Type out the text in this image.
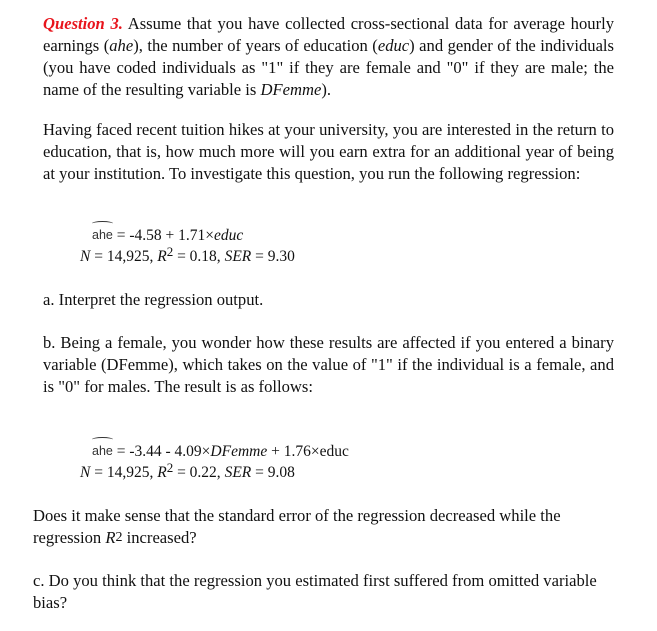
Question 3. Assume that you have collected cross-sectional data for average hourly earnings (ahe), the number of years of education (educ) and gender of the individuals (you have coded individuals as "1" if they are female and "0" if they are male; the name of the resulting variable is DFemme).
Having faced recent tuition hikes at your university, you are interested in the return to education, that is, how much more will you earn extra for an additional year of being at your institution. To investigate this question, you run the following regression:
ahe = -4.58 + 1.71×educ
N = 14,925, $R^2 = 0.18$, SER = 9.30
a. Interpret the regression output.
b. Being a female, you wonder how these results are affected if you entered a binary variable (DFemme), which takes on the value of "1" if the individual is a female, and is "0" for males. The result is as follows:
ahe = -3.44 - 4.09×DFemme + 1.76×educ
N = 14,925, $R^2 = 0.22$, SER = 9.08
Does it make sense that the standard error of the regression decreased while the regression R2 increased?
c. Do you think that the regression you estimated first suffered from omitted variable bias?
